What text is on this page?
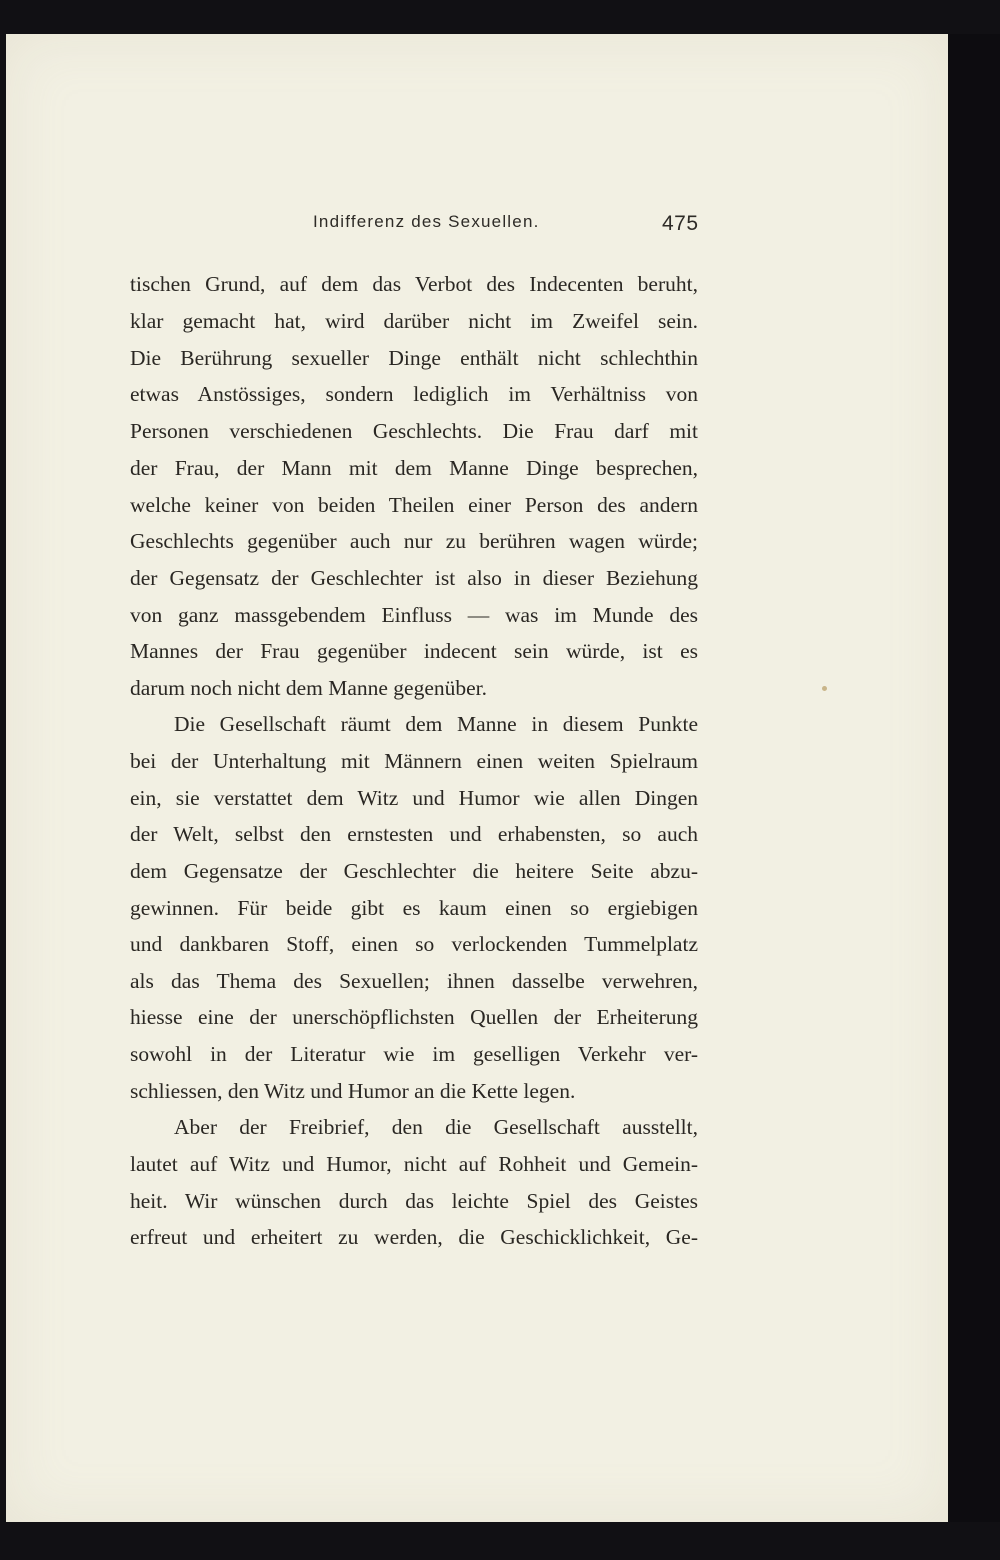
Indifferenz des Sexuellen.	475
tischen Grund, auf dem das Verbot des Indecenten beruht,
klar gemacht hat, wird darüber nicht im Zweifel sein.
Die Berührung sexueller Dinge enthält nicht schlechthin
etwas Anstössiges, sondern lediglich im Verhältniss von
Personen verschiedenen Geschlechts. Die Frau darf mit
der Frau, der Mann mit dem Manne Dinge besprechen,
welche keiner von beiden Theilen einer Person des andern
Geschlechts gegenüber auch nur zu berühren wagen würde;
der Gegensatz der Geschlechter ist also in dieser Beziehung
von ganz massgebendem Einfluss — was im Munde des
Mannes der Frau gegenüber indecent sein würde, ist es
darum noch nicht dem Manne gegenüber.
Die Gesellschaft räumt dem Manne in diesem Punkte
bei der Unterhaltung mit Männern einen weiten Spielraum
ein, sie verstattet dem Witz und Humor wie allen Dingen
der Welt, selbst den ernstesten und erhabensten, so auch
dem Gegensatze der Geschlechter die heitere Seite abzu-
gewinnen. Für beide gibt es kaum einen so ergiebigen
und dankbaren Stoff, einen so verlockenden Tummelplatz
als das Thema des Sexuellen; ihnen dasselbe verwehren,
hiesse eine der unerschöpflichsten Quellen der Erheiterung
sowohl in der Literatur wie im geselligen Verkehr ver-
schliessen, den Witz und Humor an die Kette legen.
Aber der Freibrief, den die Gesellschaft ausstellt,
lautet auf Witz und Humor, nicht auf Rohheit und Gemein-
heit. Wir wünschen durch das leichte Spiel des Geistes
erfreut und erheitert zu werden, die Geschicklichkeit, Ge-
